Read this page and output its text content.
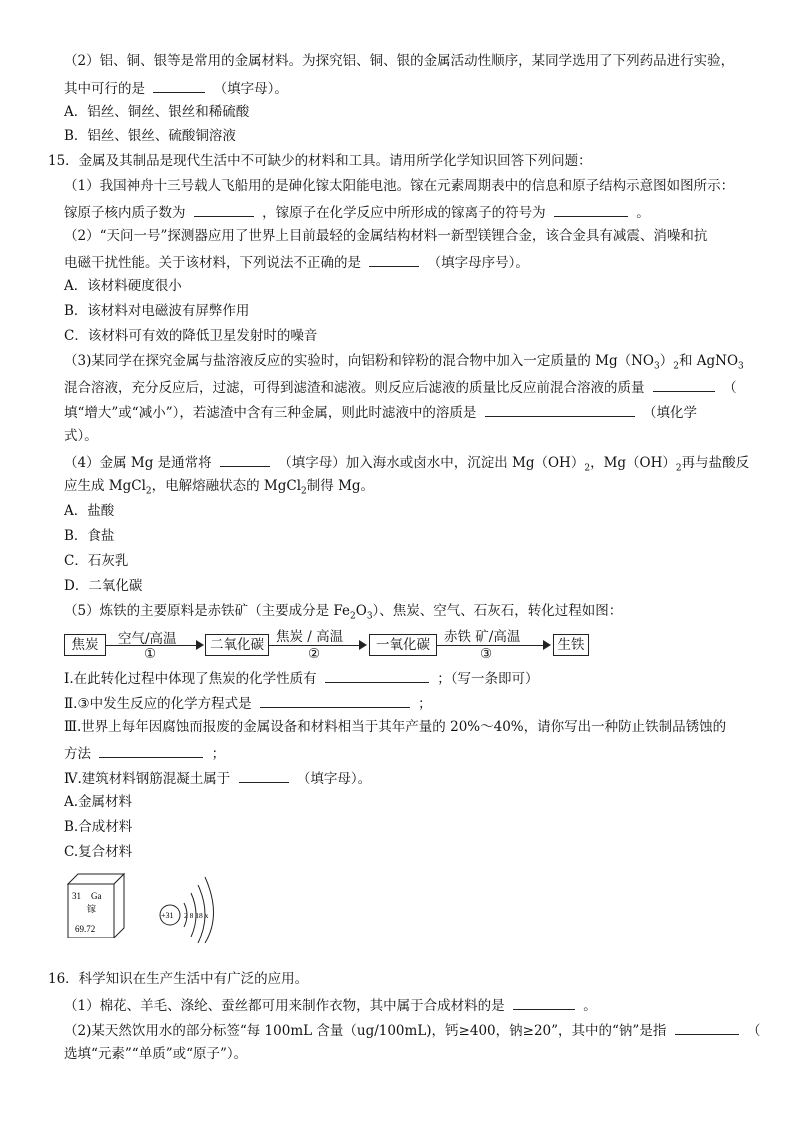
（2）铝、铜、银等是常用的金属材料。为探究铝、铜、银的金属活动性顺序，某同学选用了下列药品进行实验，
其中可行的是	（填字母）。
A．铝丝、铜丝、银丝和稀硫酸
B．铝丝、银丝、硫酸铜溶液
15．金属及其制品是现代生活中不可缺少的材料和工具。请用所学化学知识回答下列问题：
（1）我国神舟十三号载人飞船用的是砷化镓太阳能电池。镓在元素周期表中的信息和原子结构示意图如图所示：
镓原子核内质子数为	，镓原子在化学反应中所形成的镓离子的符号为	。
（2）“天问一号”探测器应用了世界上目前最轻的金属结构材料一新型镁锂合金，该合金具有减震、消噪和抗
电磁干扰性能。关于该材料，下列说法不正确的是	（填字母序号）。
A．该材料硬度很小
B．该材料对电磁波有屏弊作用
C．该材料可有效的降低卫星发射时的噪音
（3)某同学在探究金属与盐溶液反应的实验时，向铝粉和锌粉的混合物中加入一定质量的 $Mg(NO_3)_2$和 AgNO$_3$
混合溶液，充分反应后，过滤，可得到滤渣和滤液。则反应后滤液的质量比反应前混合溶液的质量	（
填“增大”或“减小”），若滤渣中含有三种金属，则此时滤液中的溶质是	（填化学
式）。
（4）金属 Mg 是通常将	（填字母）加入海水或卤水中，沉淀出 $Mg(OH)_2$，$Mg(OH)_2$再与盐酸反
应生成 MgCl$_2$，电解熔融状态的 MgCl$_2$制得 Mg。
A．盐酸
B．食盐
C．石灰乳
D．二氧化碳
（5）炼铁的主要原料是赤铁矿（主要成分是 $Fe_2O_3$）、焦炭、空气、石灰石，转化过程如图：
焦炭	空气/高温
①
二氧化碳 焦炭 / 高温
②
一氧化碳	赤铁 矿/高温
③
生铁
Ⅰ.在此转化过程中体现了焦炭的化学性质有	；（写一条即可）
Ⅱ.③中发生反应的化学方程式是	；
Ⅲ.世界上每年因腐蚀而报废的金属设备和材料相当于其年产量的 20%～40%，请你写出一种防止铁制品锈蚀的
方法	；
Ⅳ.建筑材料钢筋混凝土属于	（填字母）。
A.金属材料
B.合成材料
C.复合材料
31 Ga
镓
69.72
+31 2 8 18 x
16．科学知识在生产生活中有广泛的应用。
（1）棉花、羊毛、涤纶、蚕丝都可用来制作衣物，其中属于合成材料的是	。
（2)某天然饮用水的部分标签“每 100mL 含量（ug/100mL)，钙≥400，钠≥20”，其中的“钠”是指	（
选填“元素”“单质”或“原子”）。
